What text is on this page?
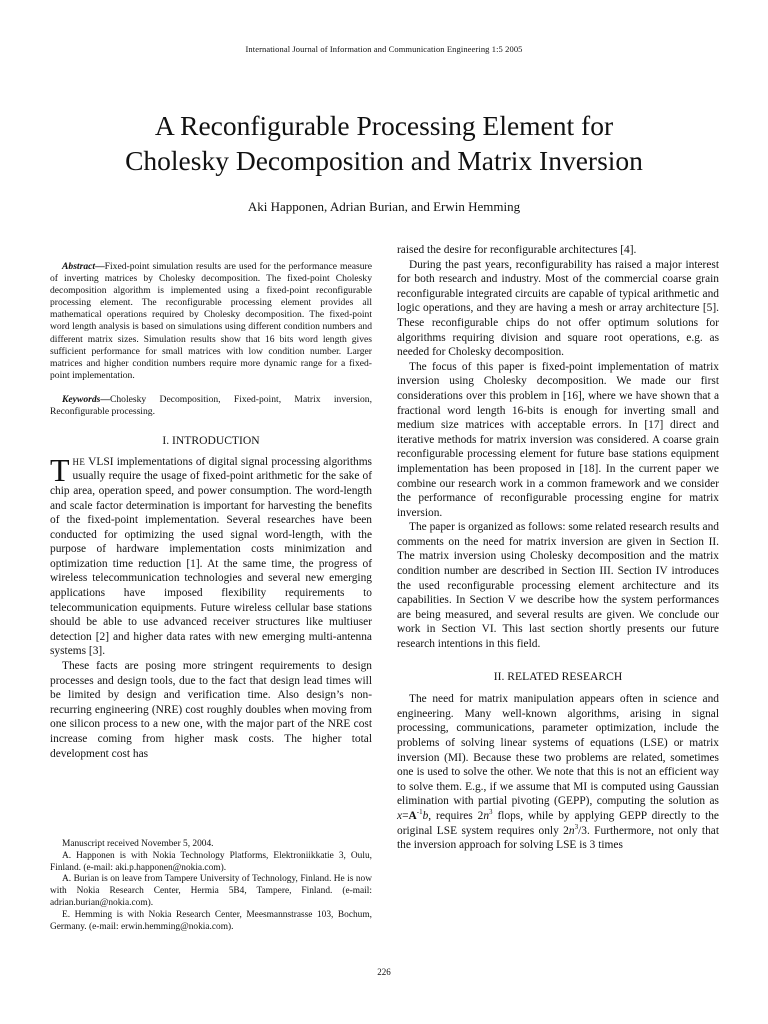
International Journal of Information and Communication Engineering 1:5 2005
A Reconfigurable Processing Element for
Cholesky Decomposition and Matrix Inversion
Aki Happonen, Adrian Burian, and Erwin Hemming

Abstract—Fixed-point simulation results are used for the performance measure of inverting matrices by Cholesky decomposition. The fixed-point Cholesky decomposition algorithm is implemented using a fixed-point reconfigurable processing element. The reconfigurable processing element provides all mathematical operations required by Cholesky decomposition. The fixed-point word length analysis is based on simulations using different condition numbers and different matrix sizes. Simulation results show that 16 bits word length gives sufficient performance for small matrices with low condition number. Larger matrices and higher condition numbers require more dynamic range for a fixed-point implementation.

Keywords—Cholesky Decomposition, Fixed-point, Matrix inversion, Reconfigurable processing.

I. INTRODUCTION

THE VLSI implementations of digital signal processing algorithms usually require the usage of fixed-point arithmetic for the sake of chip area, operation speed, and power consumption. The word-length and scale factor determination is important for harvesting the benefits of the fixed-point implementation. Several researches have been conducted for optimizing the used signal word-length, with the purpose of hardware implementation costs minimization and optimization time reduction [1]. At the same time, the progress of wireless telecommunication technologies and several new emerging applications have imposed flexibility requirements to telecommunication equipments. Future wireless cellular base stations should be able to use advanced receiver structures like multiuser detection [2] and higher data rates with new emerging multi-antenna systems [3].

These facts are posing more stringent requirements to design processes and design tools, due to the fact that design lead times will be limited by design and verification time. Also design’s non-recurring engineering (NRE) cost roughly doubles when moving from one silicon process to a new one, with the major part of the NRE cost increase coming from higher mask costs. The higher total development cost has

Manuscript received November 5, 2004.

A. Happonen is with Nokia Technology Platforms, Elektroniikkatie 3, Oulu, Finland. (e-mail: aki.p.happonen@nokia.com).

A. Burian is on leave from Tampere University of Technology, Finland. He is now with Nokia Research Center, Hermia 5B4, Tampere, Finland. (e-mail: adrian.burian@nokia.com).

E. Hemming is with Nokia Research Center, Meesmannstrasse 103, Bochum, Germany. (e-mail: erwin.hemming@nokia.com).

raised the desire for reconfigurable architectures [4].

During the past years, reconfigurability has raised a major interest for both research and industry. Most of the commercial coarse grain reconfigurable integrated circuits are capable of typical arithmetic and logic operations, and they are having a mesh or array architecture [5]. These reconfigurable chips do not offer optimum solutions for algorithms requiring division and square root operations, e.g. as needed for Cholesky decomposition.

The focus of this paper is fixed-point implementation of matrix inversion using Cholesky decomposition. We made our first considerations over this problem in [16], where we have shown that a fractional word length 16-bits is enough for inverting small and medium size matrices with acceptable errors. In [17] direct and iterative methods for matrix inversion was considered. A coarse grain reconfigurable processing element for future base stations equipment implementation has been proposed in [18]. In the current paper we combine our research work in a common framework and we consider the performance of reconfigurable processing engine for matrix inversion.

The paper is organized as follows: some related research results and comments on the need for matrix inversion are given in Section II. The matrix inversion using Cholesky decomposition and the matrix condition number are described in Section III. Section IV introduces the used reconfigurable processing element architecture and its capabilities. In Section V we describe how the system performances are being measured, and several results are given. We conclude our work in Section VI. This last section shortly presents our future research intentions in this field.

II. RELATED RESEARCH

The need for matrix manipulation appears often in science and engineering. Many well-known algorithms, arising in signal processing, communications, parameter optimization, include the problems of solving linear systems of equations (LSE) or matrix inversion (MI). Because these two problems are related, sometimes one is used to solve the other. We note that this is not an efficient way to solve them. E.g., if we assume that MI is computed using Gaussian elimination with partial pivoting (GEPP), computing the solution as $x=A^{-1}b$, requires $2n^3$ flops, while by applying GEPP directly to the original LSE system requires only $2n^3/3$. Furthermore, not only that the inversion approach for solving LSE is 3 times

226
